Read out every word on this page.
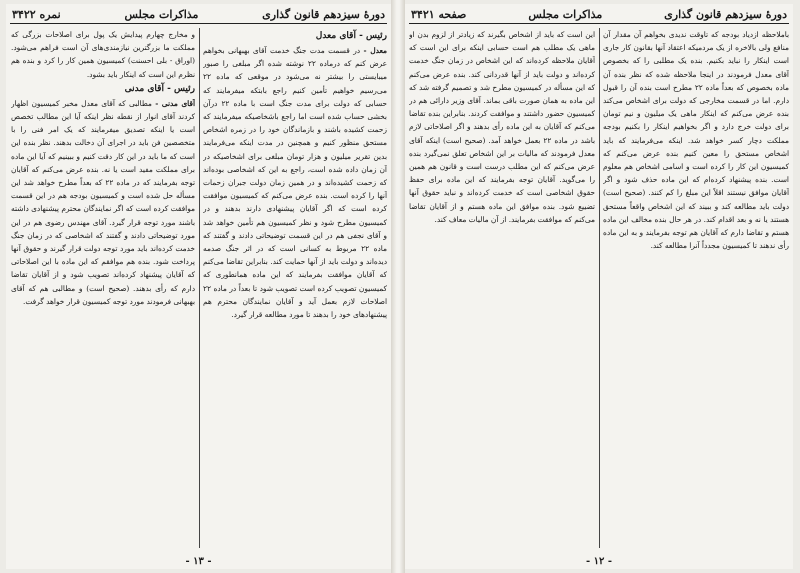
دورهٔ سیزدهم قانون گذاری
مذاکرات مجلس
نمره ۳۴۲۲
رئیس - آقای معدل

معدل - در قسمت مدت جنگ خدمت آقای بهبهانی بخواهم عرض کنم که درماده ۲۲ نوشته شده اگر مبلغی را صبور میبایستی را بیشتر نه می‌شود در موقعی که ماده ۲۲ می‌رسیم خواهیم تأمین کنیم راجع بابتکه میفرمایند که حسابی که دولت برای مدت جنگ است با ماده ۲۲ درآن بخشی حساب شده است اما راجع باشخاصیکه میفرمایند که زحمت کشیده باشند و بازماندگان خود را در زمره اشخاص مستحق منظور کنیم و همچنین در مدت اینکه می‌فرمایند بدین تقریر میلیون و هزار تومان مبلغی برای اشخاصیکه در آن زمان داده شده است، راجع به این که اشخاصی بوده‌اند که زحمت کشیده‌اند و در همین زمان دولت جبران زحمات آنها را کرده است. بنده عرض می‌کنم که کمیسیون موافقت کرده است که اگر آقایان پیشنهادی دارند بدهند و در کمیسیون مطرح شود و نظر کمیسیون هم تأمین خواهد شد و آقای نجفی هم در این قسمت توضیحاتی دادند و گفتند که ماده ۲۲ مربوط به کسانی است که در اثر جنگ صدمه دیده‌اند و دولت باید از آنها حمایت کند. بنابراین تقاضا می‌کنم که آقایان موافقت بفرمایند که این ماده همانطوری که کمیسیون تصویب کرده است تصویب شود تا بعداً در ماده ۲۲ اصلاحات لازم بعمل آید و آقایان نمایندگان محترم هم پیشنهادهای خود را بدهند تا مورد مطالعه قرار گیرد.

و مخارج چهارم پیدایش یک پول برای اصلاحات بزرگی که مملکت ما بزرگترین نیازمندی‌های آن است فراهم می‌شود. (اوراق - بلی احسنت) کمیسیون همین کار را کرد و بنده هم نظرم این است که اینکار باید بشود.

رئیس - آقای مدنی

آقای مدنی - مطالبی که آقای معدل مخبر کمیسیون اظهار کردند آقای انوار از نقطه نظر اینکه آیا این مطالب تخصص است یا اینکه تصدیق میفرمایند که یک امر فنی را با متخصصین فن باید در اجرای آن دخالت بدهند. نظر بنده این است که ما باید در این کار دقت کنیم و ببینیم که آیا این ماده برای مملکت مفید است یا نه. بنده عرض می‌کنم که آقایان توجه بفرمایند که در ماده ۲۲ که بعداً مطرح خواهد شد این مسأله حل شده است و کمیسیون بودجه هم در این قسمت موافقت کرده است که اگر نمایندگان محترم پیشنهادی داشته باشند مورد توجه قرار گیرد. آقای مهندس رضوی هم در این مورد توضیحاتی دادند و گفتند که اشخاصی که در زمان جنگ خدمت کرده‌اند باید مورد توجه دولت قرار گیرند و حقوق آنها پرداخت شود. بنده هم موافقم که این ماده با این اصلاحاتی که آقایان پیشنهاد کرده‌اند تصویب شود و از آقایان تقاضا دارم که رأی بدهند. (صحیح است) و مطالبی هم که آقای بهبهانی فرمودند مورد توجه کمیسیون قرار خواهد گرفت.

- ۱۳ -
دورهٔ سیزدهم قانون گذاری
مذاکرات مجلس
صفحه ۳۴۲۱

باملاحظه ازدیاد بودجه که تاوقت ندیدی بخواهم آن مقدار آن منافع ولی بالاخره از یک مردمیکه اعتقاد آنها بقانون کار جاری است اینکار را نباید بکنیم. بنده یک مطلبی را که بخصوص آقای معدل فرمودند در اینجا ملاحظه شده که نظر بنده آن ماده بخصوص که بعداً ماده ۲۲ مطرح است بنده آن را قبول دارم. اما در قسمت مخارجی که دولت برای اشخاص می‌کند بنده عرض می‌کنم که اینکار ماهی یک میلیون و نیم تومان برای دولت خرج دارد و اگر بخواهیم اینکار را بکنیم بودجه مملکت دچار کسر خواهد شد. اینکه می‌فرمایند که باید اشخاص مستحق را معین کنیم بنده عرض می‌کنم که کمیسیون این کار را کرده است و اسامی اشخاص هم معلوم است. بنده پیشنهاد کرده‌ام که این ماده حذف شود و اگر آقایان موافق نیستند اقلاً این مبلغ را کم کنند. (صحیح است) دولت باید مطالعه کند و ببیند که این اشخاص واقعاً مستحق هستند یا نه و بعد اقدام کند. در هر حال بنده مخالف این ماده هستم و تقاضا دارم که آقایان هم توجه بفرمایند و به این ماده رأی ندهند تا کمیسیون مجدداً آنرا مطالعه کند.

این است که باید از اشخاص بگیرند که زیادتر از لزوم بدن او ماهی یک مطلب هم است حسابی اینکه برای این است که آقایان ملاحظه کرده‌اند که این اشخاص در زمان جنگ خدمت کرده‌اند و دولت باید از آنها قدردانی کند. بنده عرض می‌کنم که این مسأله در کمیسیون مطرح شد و تصمیم گرفته شد که این ماده به همان صورت باقی بماند. آقای وزیر دارائی هم در کمیسیون حضور داشتند و موافقت کردند. بنابراین بنده تقاضا می‌کنم که آقایان به این ماده رأی بدهند و اگر اصلاحاتی لازم باشد در ماده ۲۲ بعمل خواهد آمد. (صحیح است) اینکه آقای معدل فرمودند که مالیات بر این اشخاص تعلق نمی‌گیرد بنده عرض می‌کنم که این مطلب درست است و قانون هم همین را می‌گوید. آقایان توجه بفرمایند که این ماده برای حفظ حقوق اشخاصی است که خدمت کرده‌اند و نباید حقوق آنها تضییع شود. بنده موافق این ماده هستم و از آقایان تقاضا می‌کنم که موافقت بفرمایند. از آن مالیات معاف کند.

- ۱۲ -
